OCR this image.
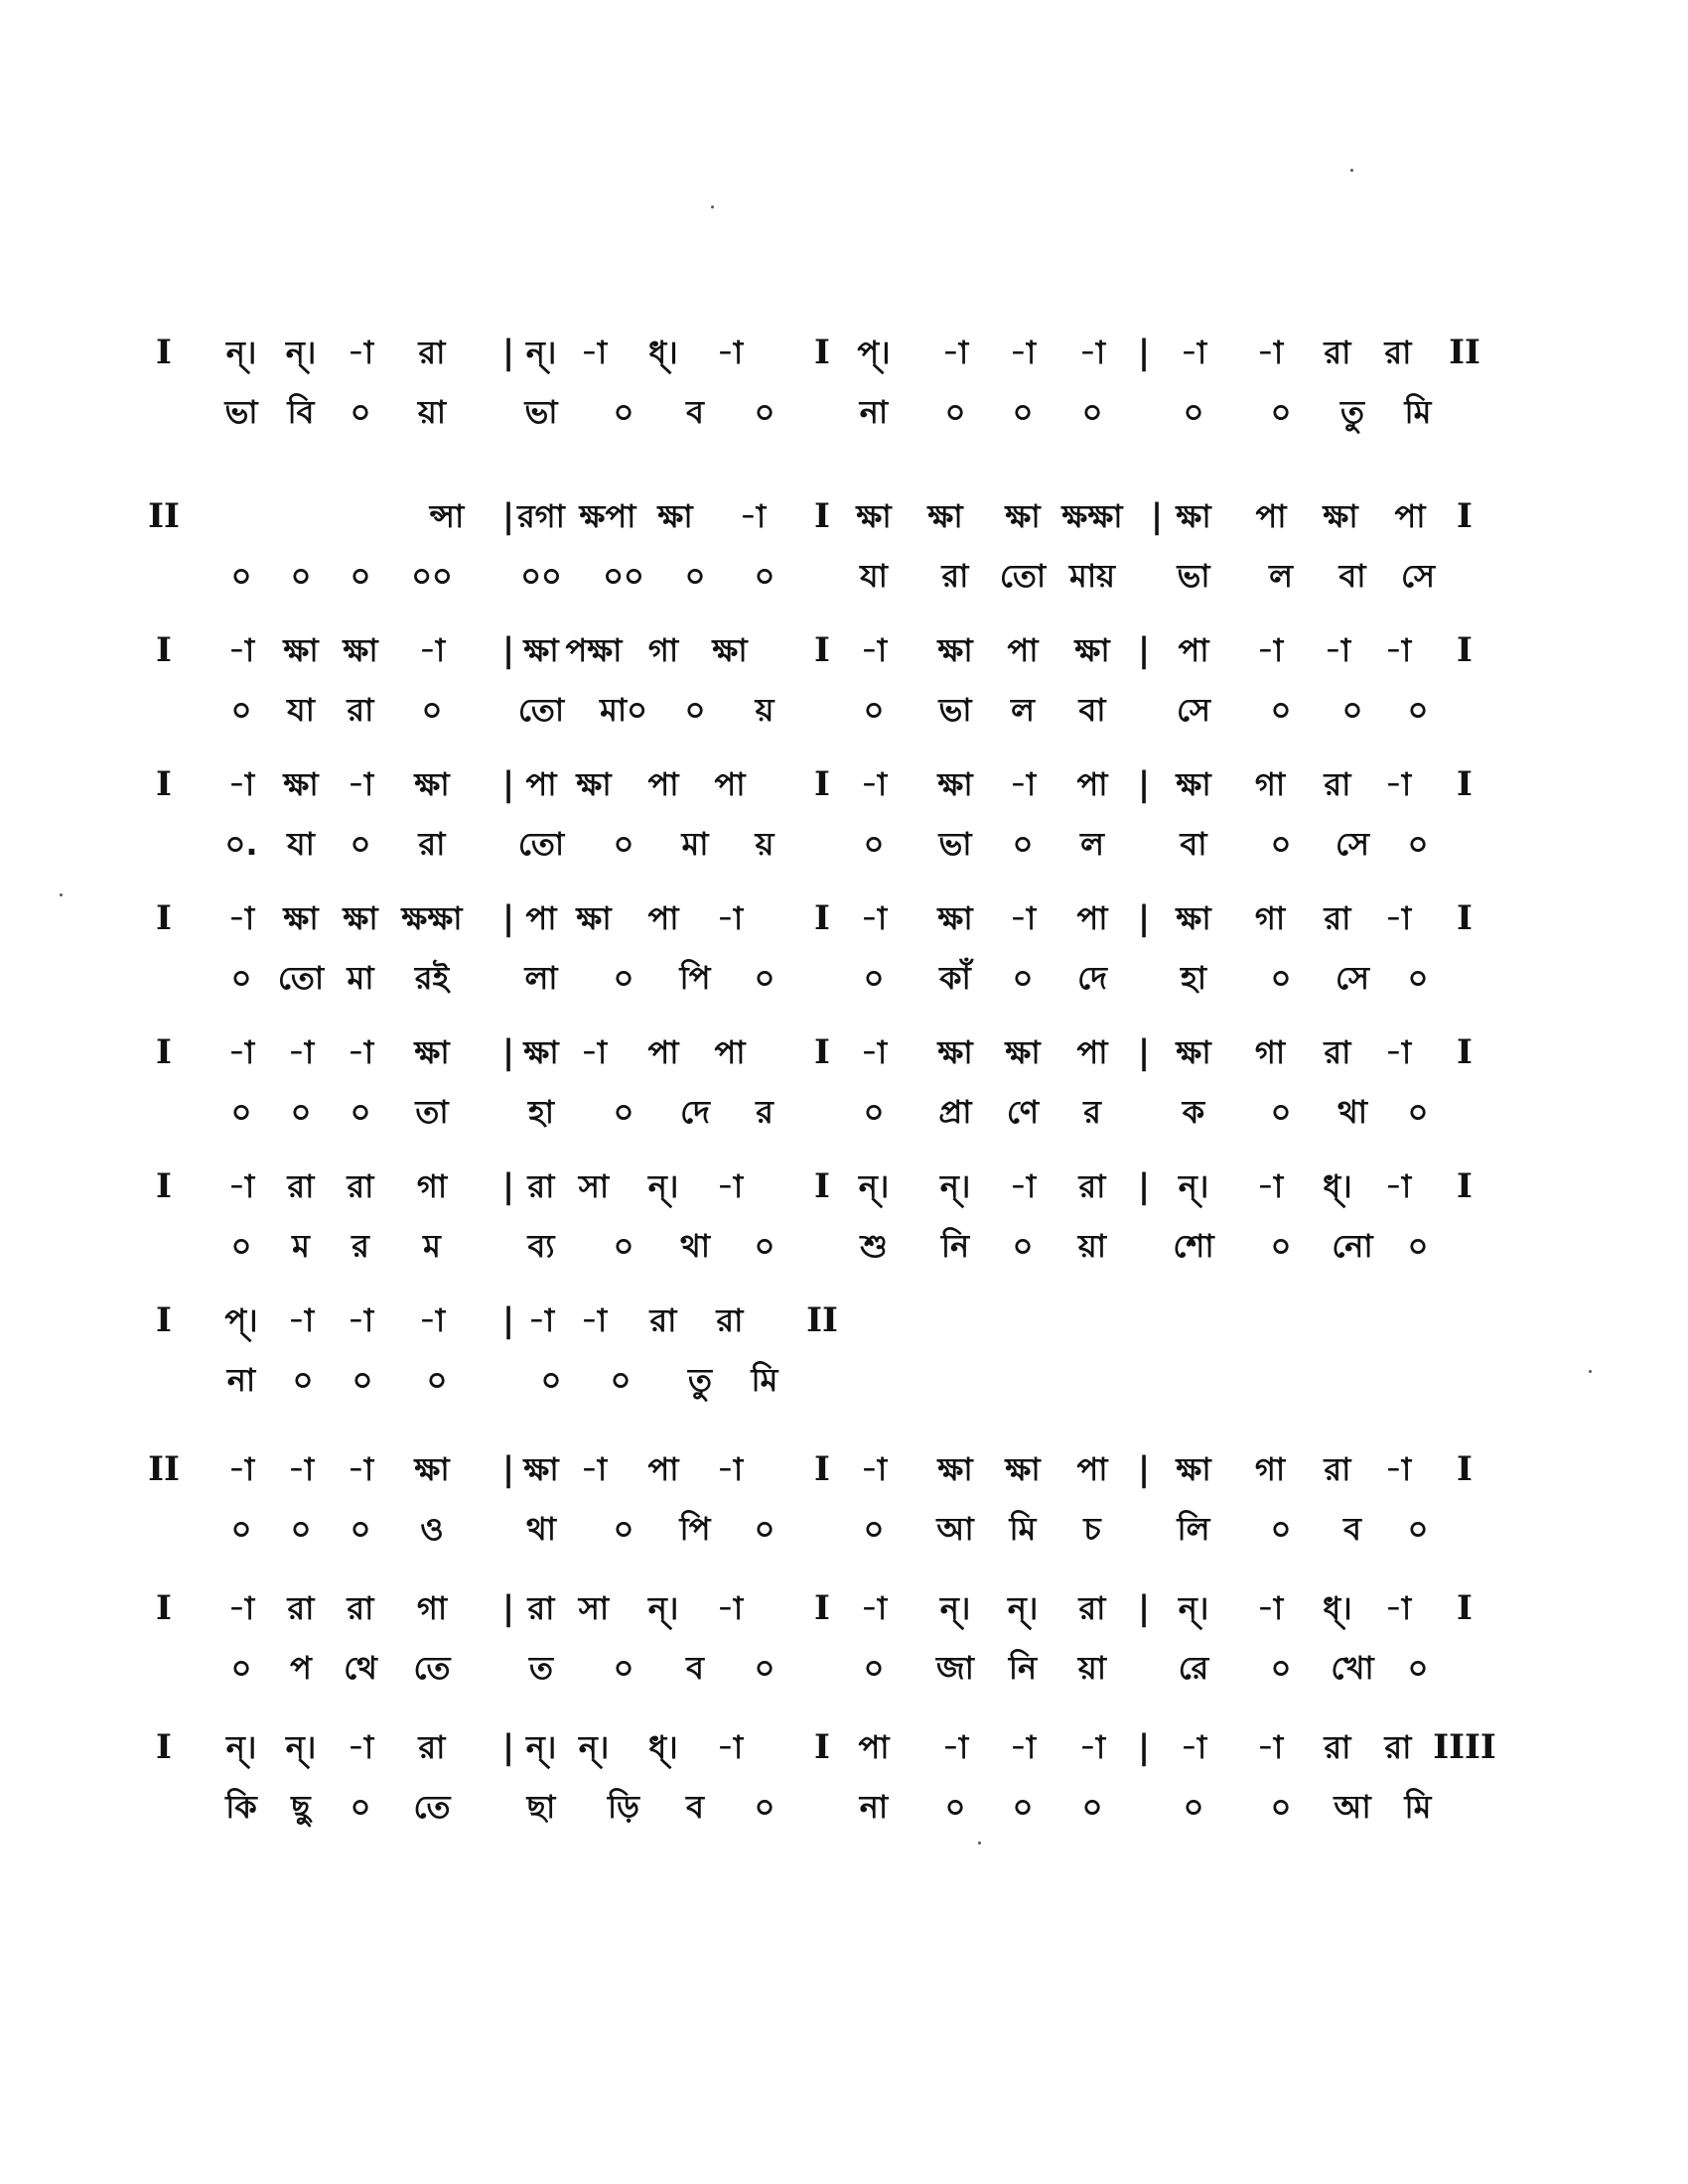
I ন্। ন্। -া রা | ন্। -া ধ্। -া I প্। -া -া -া | -া -া রা রা II
ভা বি ০ য়া ভা ০ ব ০	না ০ ০ ০	০ ০ তু মি
II	ন্সা | রগা ক্ষপা ক্ষা -া I ক্ষা ক্ষা ক্ষা ক্ষক্ষা | ক্ষা পা ক্ষা পা I
০ ০ ০ ০০ ০০ ০০ ০ ০	যা রা তো মায় ভা ল বা সে
I -া ক্ষা ক্ষা -া | ক্ষা পক্ষা গা ক্ষা I -া ক্ষা পা ক্ষা | পা -া -া -া I
০ যা রা ০ তো মা০ ০ য়	০ ভা ল বা সে ০ ০ ০
I -া ক্ষা -া ক্ষা | পা ক্ষা পা পা I -া ক্ষা -া পা | ক্ষা গা রা -া I
০. যা ০ রা তো ০ মা য়	০ ভা ০ ল বা ০ সে ০
I -া ক্ষা ক্ষা ক্ষক্ষা | পা ক্ষা পা -া I -া ক্ষা -া পা | ক্ষা গা রা -া I
০ তো মা রই লা ০ পি ০	০ কাঁ ০ দে হা ০ সে ০
I -া -া -া ক্ষা | ক্ষা -া পা পা I -া ক্ষা ক্ষা পা | ক্ষা গা রা -া I
০ ০ ০ তা	হা ০ দে র	০ প্রা ণে র	ক ০ থা ০
I -া রা রা গা | রা সা ন্। -া I ন্। ন্। -া রা | ন্। -া ধ্। -া I
০ ম র ম	ব্য ০ থা ০	শু নি ০ য়া শো ০ নো ০
I প্। -া -া -া | -া -া রা রা II
না ০ ০ ০	০ ০ তু মি
II -া -া -া ক্ষা | ক্ষা -া পা -া I -া ক্ষা ক্ষা পা | ক্ষা গা রা -া I
০ ০ ০ ও	থা ০ পি ০	০ আ মি চ লি ০ ব ০
I -া রা রা গা | রা সা ন্। -া I -া ন্। ন্। রা | ন্। -া ধ্। -া I
০ প থে তে ত ০ ব ০	০ জা নি য়া রে ০ খো ০
I ন্। ন্। -া রা | ন্। ন্। ধ্। -া I পা -া -া -া | -া -া রা রা IIII
কি ছু ০ তে ছা ড়ি ব ০	না ০ ০ ০	০ ০ আ মি
